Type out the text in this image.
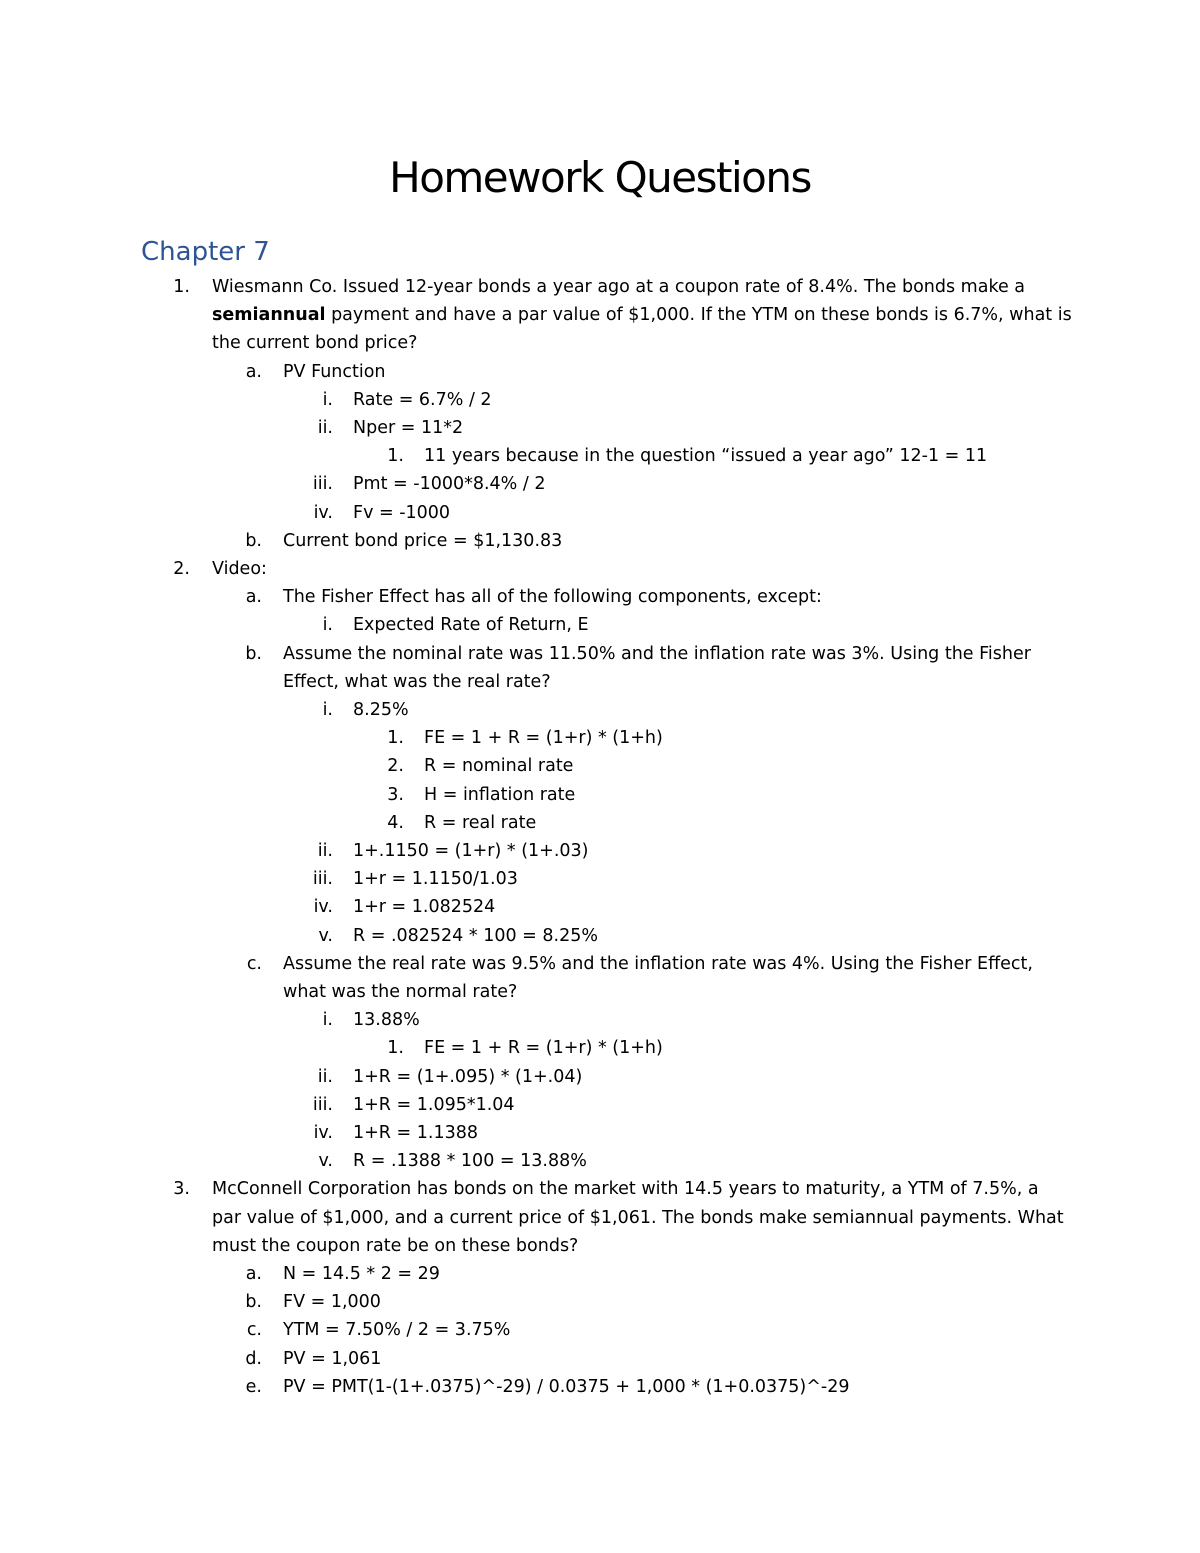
Homework Questions
Chapter 7
1. Wiesmann Co. Issued 12-year bonds a year ago at a coupon rate of 8.4%. The bonds make a
semiannual payment and have a par value of $1,000. If the YTM on these bonds is 6.7%, what is
the current bond price?
a. PV Function
i. Rate = 6.7% / 2
ii. Nper = 11*2
1. 11 years because in the question “issued a year ago” 12-1 = 11
iii. Pmt = -1000*8.4% / 2
iv. Fv = -1000
b. Current bond price = $1,130.83
2. Video:
a. The Fisher Effect has all of the following components, except:
i. Expected Rate of Return, E
b. Assume the nominal rate was 11.50% and the inflation rate was 3%. Using the Fisher
Effect, what was the real rate?
i. 8.25%
1. FE = 1 + R = (1+r) * (1+h)
2. R = nominal rate
3. H = inflation rate
4. R = real rate
ii. 1+.1150 = (1+r) * (1+.03)
iii. 1+r = 1.1150/1.03
iv. 1+r = 1.082524
v. R = .082524 * 100 = 8.25%
c. Assume the real rate was 9.5% and the inflation rate was 4%. Using the Fisher Effect,
what was the normal rate?
i. 13.88%
1. FE = 1 + R = (1+r) * (1+h)
ii. 1+R = (1+.095) * (1+.04)
iii. 1+R = 1.095*1.04
iv. 1+R = 1.1388
v. R = .1388 * 100 = 13.88%
3. McConnell Corporation has bonds on the market with 14.5 years to maturity, a YTM of 7.5%, a
par value of $1,000, and a current price of $1,061. The bonds make semiannual payments. What
must the coupon rate be on these bonds?
a. N = 14.5 * 2 = 29
b. FV = 1,000
c. YTM = 7.50% / 2 = 3.75%
d. PV = 1,061
e. PV = PMT(1-(1+.0375)^-29) / 0.0375 + 1,000 * (1+0.0375)^-29
